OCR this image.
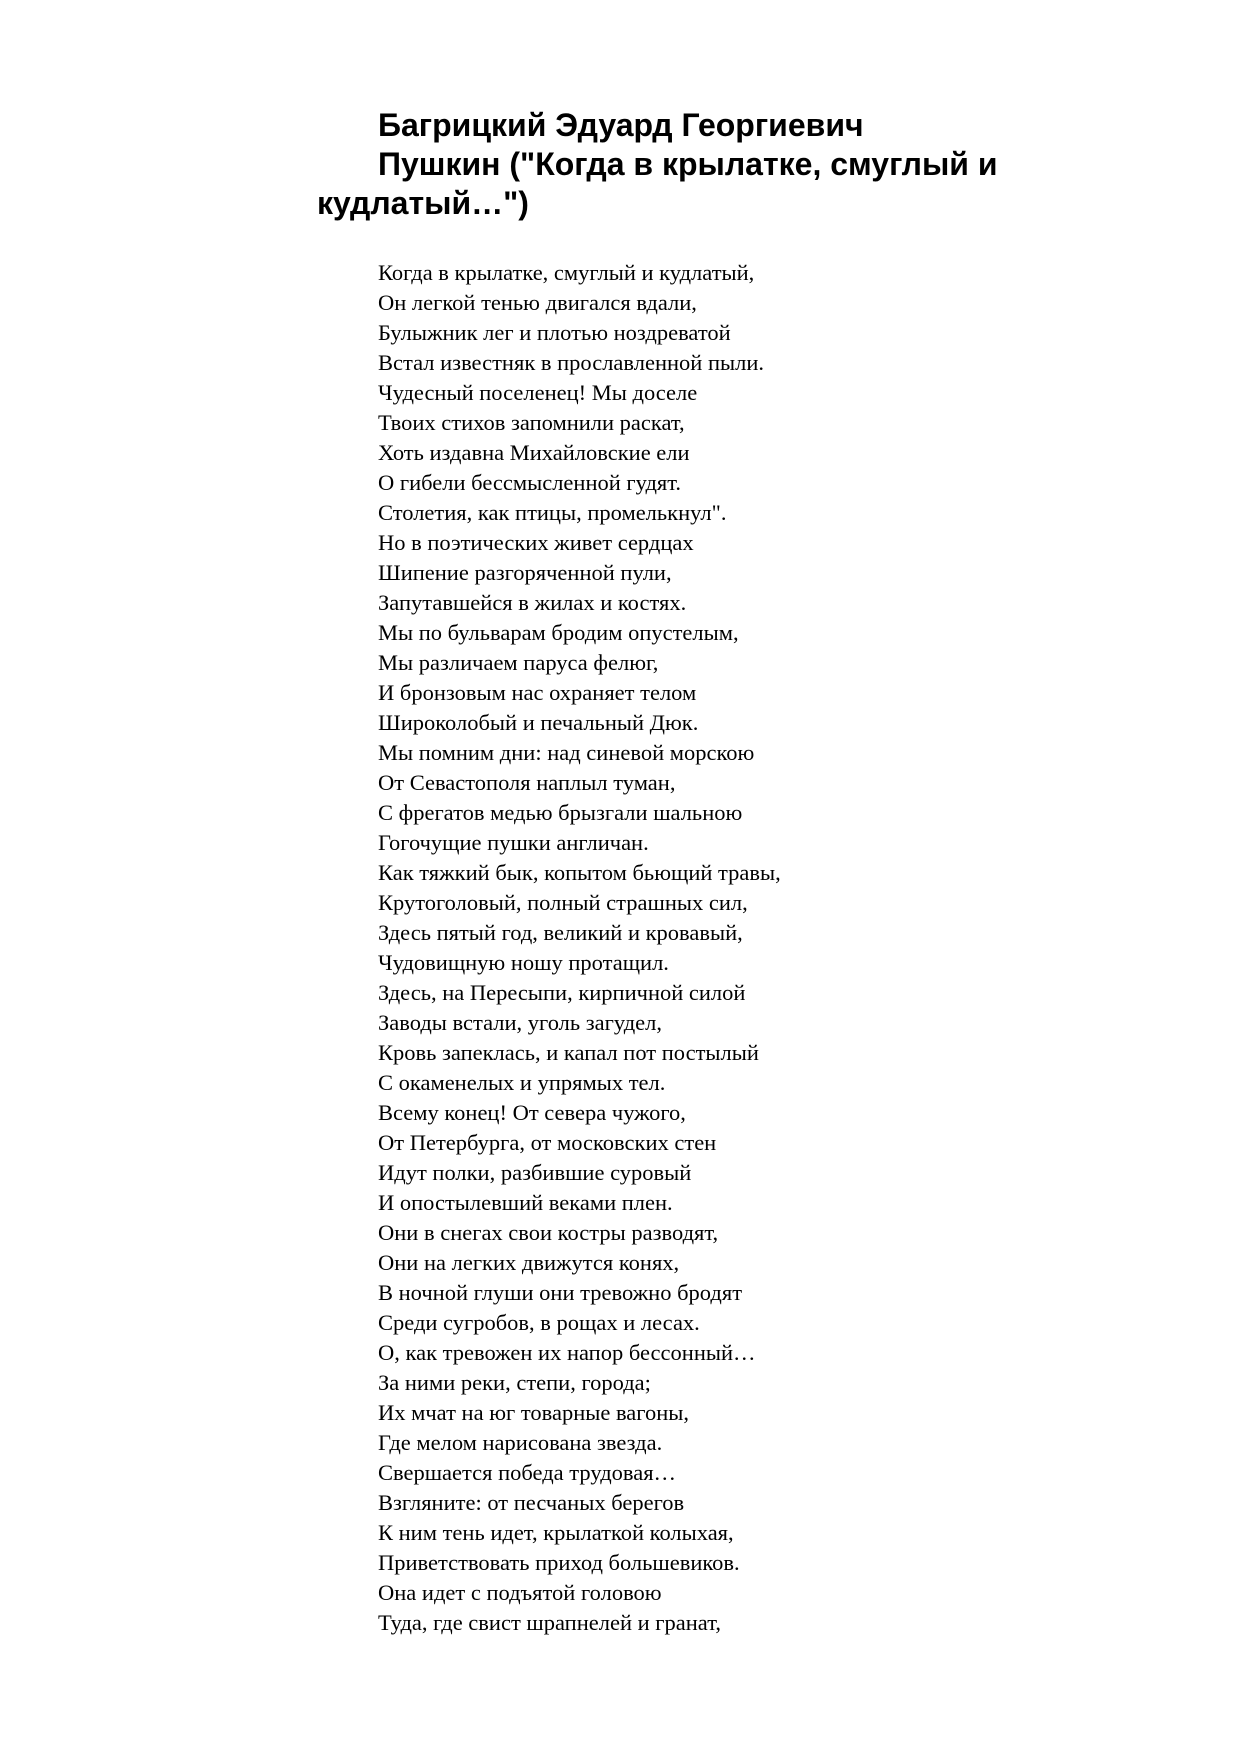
Багрицкий Эдуард Георгиевич
Пушкин ("Когда в крылатке, смуглый и
кудлатый…")
Когда в крылатке, смуглый и кудлатый,
Он легкой тенью двигался вдали,
Булыжник лег и плотью ноздреватой
Встал известняк в прославленной пыли.
Чудесный поселенец! Мы доселе
Твоих стихов запомнили раскат,
Хоть издавна Михайловские ели
О гибели бессмысленной гудят.
Столетия, как птицы, промелькнул".
Но в поэтических живет сердцах
Шипение разгоряченной пули,
Запутавшейся в жилах и костях.
Мы по бульварам бродим опустелым,
Мы различаем паруса фелюг,
И бронзовым нас охраняет телом
Широколобый и печальный Дюк.
Мы помним дни: над синевой морскою
От Севастополя наплыл туман,
С фрегатов медью брызгали шальною
Гогочущие пушки англичан.
Как тяжкий бык, копытом бьющий травы,
Крутоголовый, полный страшных сил,
Здесь пятый год, великий и кровавый,
Чудовищную ношу протащил.
Здесь, на Пересыпи, кирпичной силой
Заводы встали, уголь загудел,
Кровь запеклась, и капал пот постылый
С окаменелых и упрямых тел.
Всему конец! От севера чужого,
От Петербурга, от московских стен
Идут полки, разбившие суровый
И опостылевший веками плен.
Они в снегах свои костры разводят,
Они на легких движутся конях,
В ночной глуши они тревожно бродят
Среди сугробов, в рощах и лесах.
О, как тревожен их напор бессонный…
За ними реки, степи, города;
Их мчат на юг товарные вагоны,
Где мелом нарисована звезда.
Свершается победа трудовая…
Взгляните: от песчаных берегов
К ним тень идет, крылаткой колыхая,
Приветствовать приход большевиков.
Она идет с подъятой головою
Туда, где свист шрапнелей и гранат,
